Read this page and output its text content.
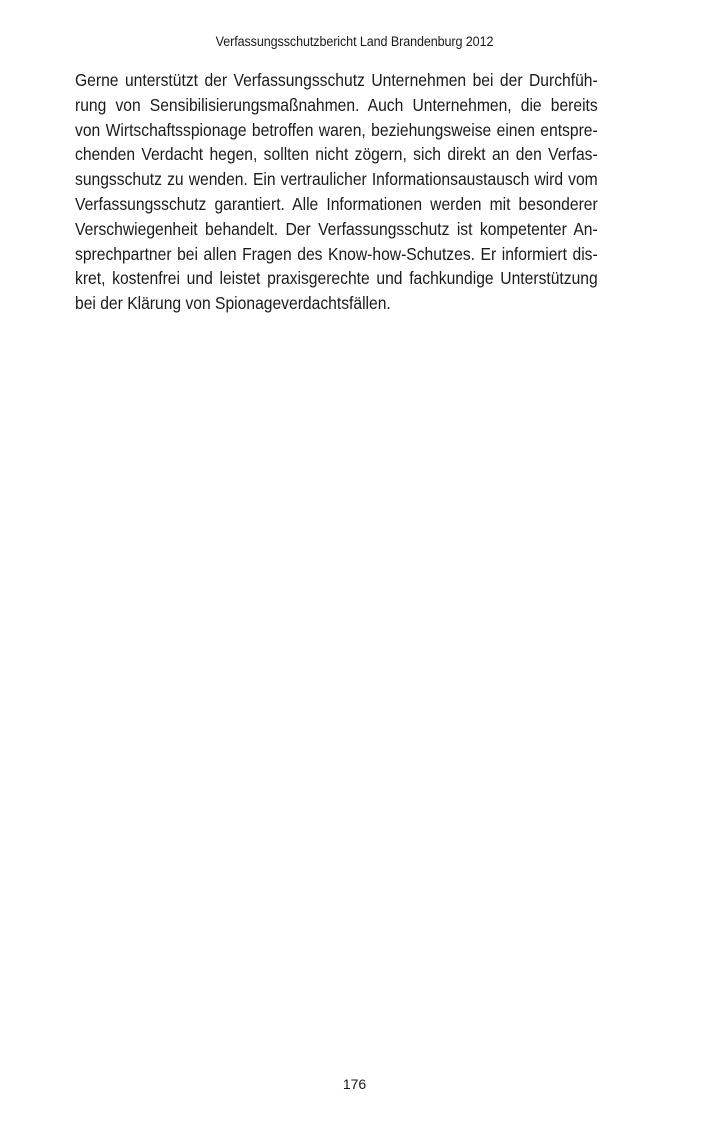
Verfassungsschutzbericht Land Brandenburg 2012
Gerne unterstützt der Verfassungsschutz Unternehmen bei der Durchfüh-
rung von Sensibilisierungsmaßnahmen. Auch Unternehmen, die bereits
von Wirtschaftsspionage betroffen waren, beziehungsweise einen entspre-
chenden Verdacht hegen, sollten nicht zögern, sich direkt an den Verfas-
sungsschutz zu wenden. Ein vertraulicher Informationsaustausch wird vom
Verfassungsschutz garantiert. Alle Informationen werden mit besonderer
Verschwiegenheit behandelt. Der Verfassungsschutz ist kompetenter An-
sprechpartner bei allen Fragen des Know-how-Schutzes. Er informiert dis-
kret, kostenfrei und leistet praxisgerechte und fachkundige Unterstützung
bei der Klärung von Spionageverdachtsfällen.
176
